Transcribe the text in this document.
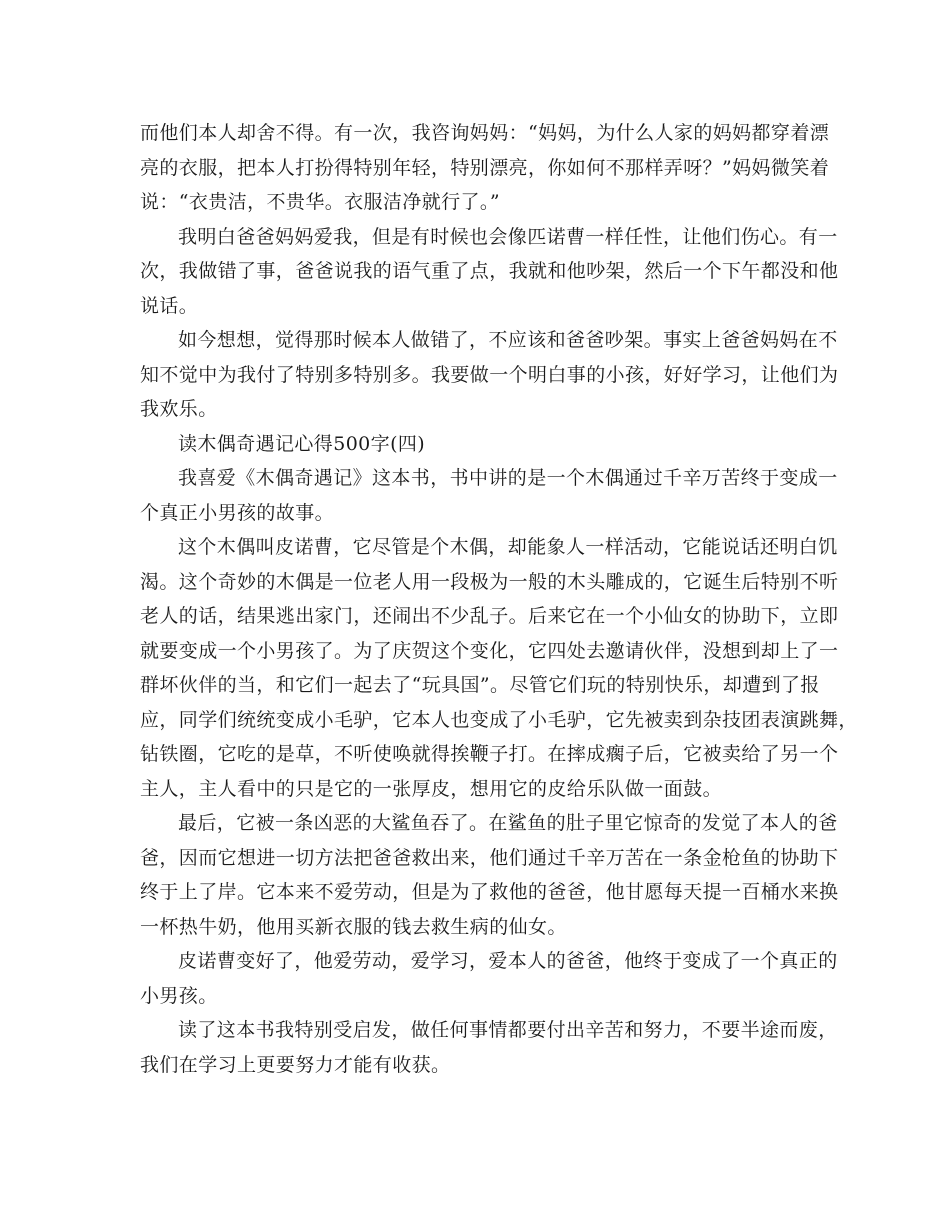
而他们本人却舍不得。有一次，我咨询妈妈：“妈妈，为什么人家的妈妈都穿着漂
亮的衣服，把本人打扮得特别年轻，特别漂亮，你如何不那样弄呀？”妈妈微笑着
说：“衣贵洁，不贵华。衣服洁净就行了。”

我明白爸爸妈妈爱我，但是有时候也会像匹诺曹一样任性，让他们伤心。有一
次，我做错了事，爸爸说我的语气重了点，我就和他吵架，然后一个下午都没和他
说话。

如今想想，觉得那时候本人做错了，不应该和爸爸吵架。事实上爸爸妈妈在不
知不觉中为我付了特别多特别多。我要做一个明白事的小孩，好好学习，让他们为
我欢乐。

读木偶奇遇记心得500字(四)

我喜爱《木偶奇遇记》这本书，书中讲的是一个木偶通过千辛万苦终于变成一
个真正小男孩的故事。

这个木偶叫皮诺曹，它尽管是个木偶，却能象人一样活动，它能说话还明白饥
渴。这个奇妙的木偶是一位老人用一段极为一般的木头雕成的，它诞生后特别不听
老人的话，结果逃出家门，还闹出不少乱子。后来它在一个小仙女的协助下，立即
就要变成一个小男孩了。为了庆贺这个变化，它四处去邀请伙伴，没想到却上了一
群坏伙伴的当，和它们一起去了“玩具国”。尽管它们玩的特别快乐，却遭到了报
应，同学们统统变成小毛驴，它本人也变成了小毛驴，它先被卖到杂技团表演跳舞，
钻铁圈，它吃的是草，不听使唤就得挨鞭子打。在摔成瘸子后，它被卖给了另一个
主人，主人看中的只是它的一张厚皮，想用它的皮给乐队做一面鼓。

最后，它被一条凶恶的大鲨鱼吞了。在鲨鱼的肚子里它惊奇的发觉了本人的爸
爸，因而它想进一切方法把爸爸救出来，他们通过千辛万苦在一条金枪鱼的协助下
终于上了岸。它本来不爱劳动，但是为了救他的爸爸，他甘愿每天提一百桶水来换
一杯热牛奶，他用买新衣服的钱去救生病的仙女。

皮诺曹变好了，他爱劳动，爱学习，爱本人的爸爸，他终于变成了一个真正的
小男孩。

读了这本书我特别受启发，做任何事情都要付出辛苦和努力，不要半途而废，
我们在学习上更要努力才能有收获。
